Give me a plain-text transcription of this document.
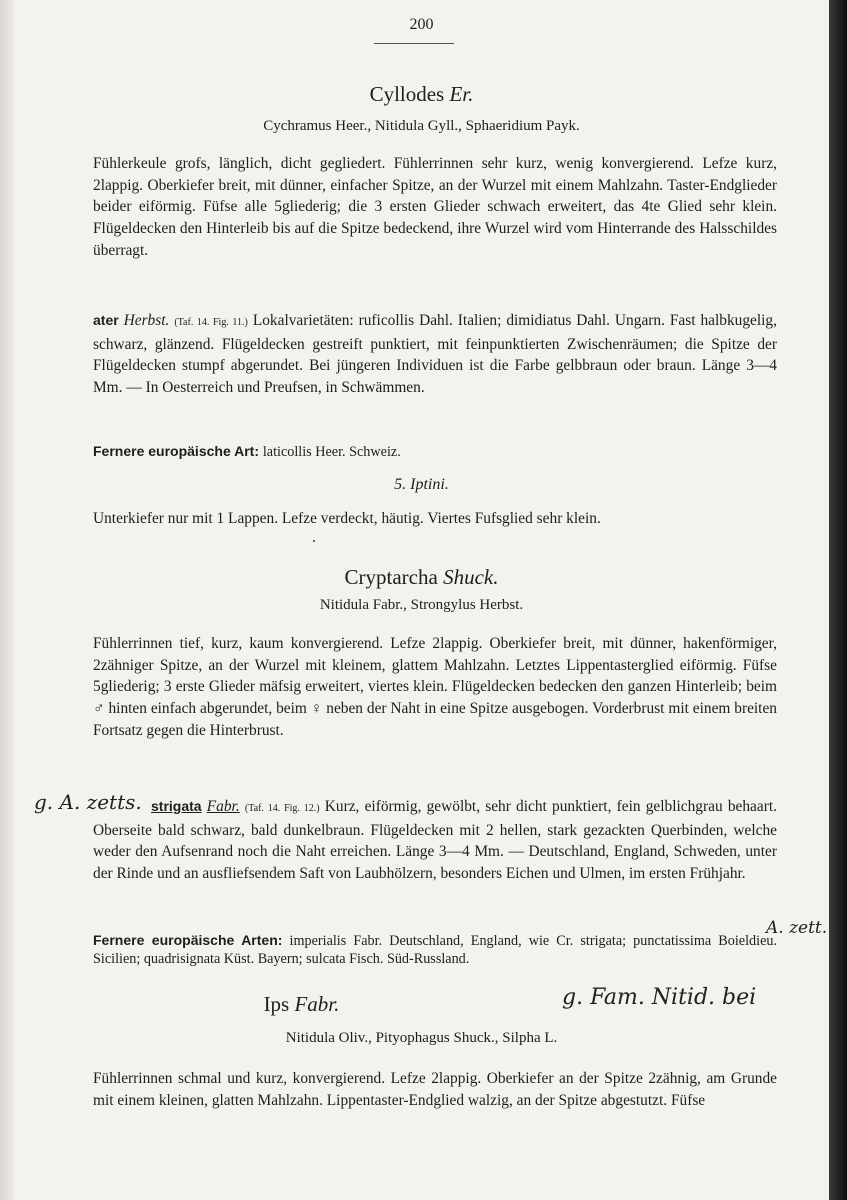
200
Cyllodes Er.
Cychramus Heer., Nitidula Gyll., Sphaeridium Payk.
Fühlerkeule grofs, länglich, dicht gegliedert. Fühlerrinnen sehr kurz, wenig konvergierend. Lefze kurz, 2lappig. Oberkiefer breit, mit dünner, einfacher Spitze, an der Wurzel mit einem Mahlzahn. Taster-Endglieder beider eiförmig. Füfse alle 5gliederig; die 3 ersten Glieder schwach erweitert, das 4te Glied sehr klein. Flügeldecken den Hinterleib bis auf die Spitze bedeckend, ihre Wurzel wird vom Hinterrande des Halsschildes überragt.
ater Herbst. (Taf. 14. Fig. 11.) Lokalvarietäten: ruficollis Dahl. Italien; dimidiatus Dahl. Ungarn. Fast halbkugelig, schwarz, glänzend. Flügeldecken gestreift punktiert, mit feinpunktierten Zwischenräumen; die Spitze der Flügeldecken stumpf abgerundet. Bei jüngeren Individuen ist die Farbe gelbbraun oder braun. Länge 3—4 Mm. — In Oesterreich und Preufsen, in Schwämmen.
Fernere europäische Art: laticollis Heer. Schweiz.
5. Iptini.
Unterkiefer nur mit 1 Lappen. Lefze verdeckt, häutig. Viertes Fufsglied sehr klein.
Cryptarcha Shuck.
Nitidula Fabr., Strongylus Herbst.
Fühlerrinnen tief, kurz, kaum konvergierend. Lefze 2lappig. Oberkiefer breit, mit dünner, hakenförmiger, 2zähniger Spitze, an der Wurzel mit kleinem, glattem Mahlzahn. Letztes Lippentasterglied eiförmig. Füfse 5gliederig; 3 erste Glieder mäfsig erweitert, viertes klein. Flügeldecken bedecken den ganzen Hinterleib; beim ♂ hinten einfach abgerundet, beim ♀ neben der Naht in eine Spitze ausgebogen. Vorderbrust mit einem breiten Fortsatz gegen die Hinterbrust.
strigata Fabr. (Taf. 14. Fig. 12.) Kurz, eiförmig, gewölbt, sehr dicht punktiert, fein gelblichgrau behaart. Oberseite bald schwarz, bald dunkelbraun. Flügeldecken mit 2 hellen, stark gezackten Querbinden, welche weder den Aufsenrand noch die Naht erreichen. Länge 3—4 Mm. — Deutschland, England, Schweden, unter der Rinde und an ausfliefsendem Saft von Laubhölzern, besonders Eichen und Ulmen, im ersten Frühjahr.
Fernere europäische Arten: imperialis Fabr. Deutschland, England, wie Cr. strigata; punctatissima Boieldieu. Sicilien; quadrisignata Küst. Bayern; sulcata Fisch. Süd-Russland.
Ips Fabr.
Nitidula Oliv., Pityophagus Shuck., Silpha L.
Fühlerrinnen schmal und kurz, konvergierend. Lefze 2lappig. Oberkiefer an der Spitze 2zähnig, am Grunde mit einem kleinen, glatten Mahlzahn. Lippentaster-Endglied walzig, an der Spitze abgestutzt. Füfse
g. A. zetts.
A. zett.
g. Fam. Nitid. bei
